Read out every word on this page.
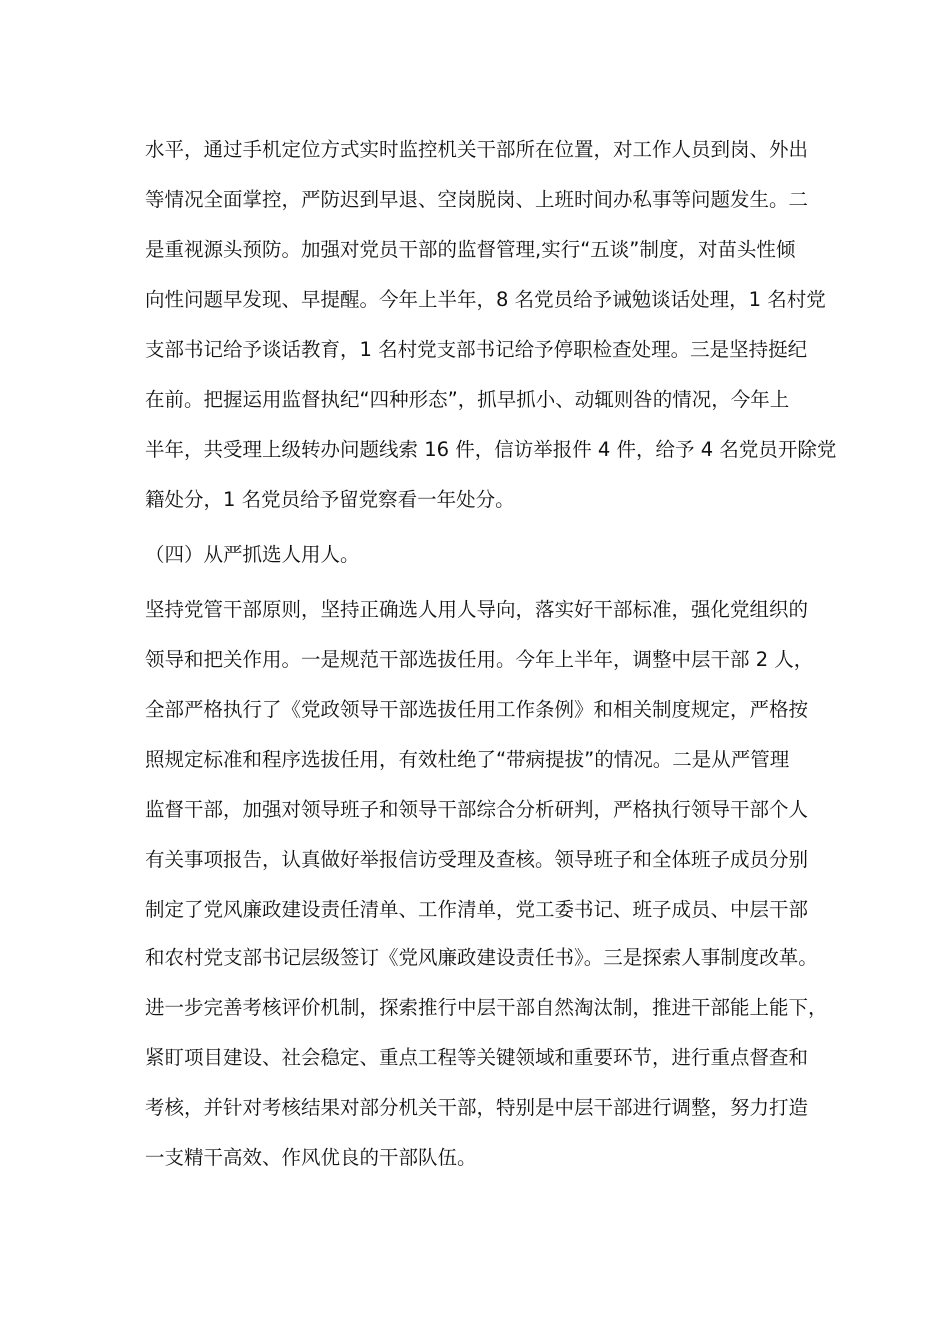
水平，通过手机定位方式实时监控机关干部所在位置，对工作人员到岗、外出
等情况全面掌控，严防迟到早退、空岗脱岗、上班时间办私事等问题发生。二
是重视源头预防。加强对党员干部的监督管理,实行“五谈”制度，对苗头性倾
向性问题早发现、早提醒。今年上半年，8 名党员给予诫勉谈话处理，1 名村党
支部书记给予谈话教育，1 名村党支部书记给予停职检查处理。三是坚持挺纪
在前。把握运用监督执纪“四种形态”，抓早抓小、动辄则咎的情况，今年上
半年，共受理上级转办问题线索 16 件，信访举报件 4 件，给予 4 名党员开除党
籍处分，1 名党员给予留党察看一年处分。
（四）从严抓选人用人。
坚持党管干部原则，坚持正确选人用人导向，落实好干部标准，强化党组织的
领导和把关作用。一是规范干部选拔任用。今年上半年，调整中层干部 2 人，
全部严格执行了《党政领导干部选拔任用工作条例》和相关制度规定，严格按
照规定标准和程序选拔任用，有效杜绝了“带病提拔”的情况。二是从严管理
监督干部，加强对领导班子和领导干部综合分析研判，严格执行领导干部个人
有关事项报告，认真做好举报信访受理及查核。领导班子和全体班子成员分别
制定了党风廉政建设责任清单、工作清单，党工委书记、班子成员、中层干部
和农村党支部书记层级签订《党风廉政建设责任书》。三是探索人事制度改革。
进一步完善考核评价机制，探索推行中层干部自然淘汰制，推进干部能上能下，
紧盯项目建设、社会稳定、重点工程等关键领域和重要环节，进行重点督查和
考核，并针对考核结果对部分机关干部，特别是中层干部进行调整，努力打造
一支精干高效、作风优良的干部队伍。
